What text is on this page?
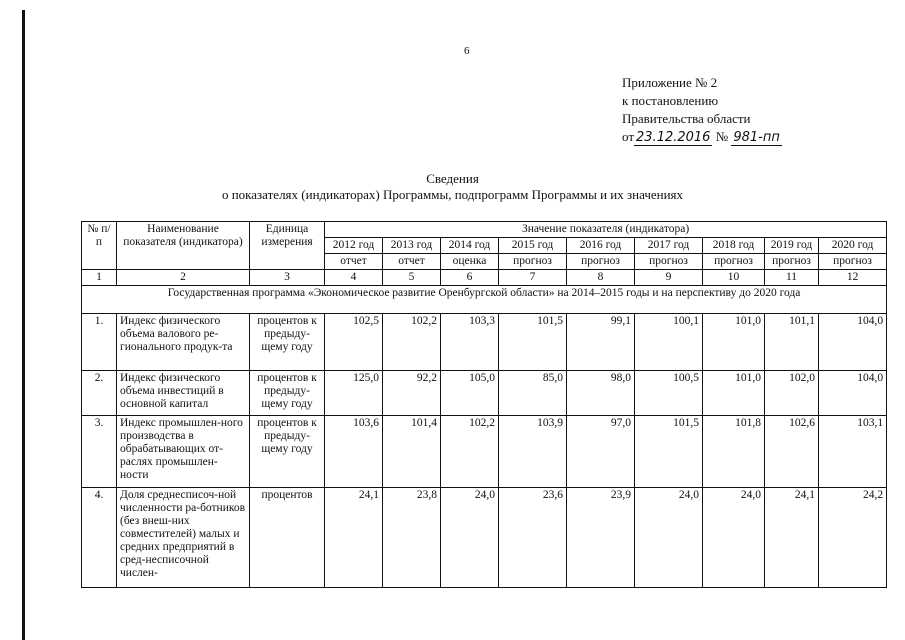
6
Приложение № 2
к постановлению
Правительства области
от 23.12.2016 № 981-пп
Сведения
о показателях (индикаторах) Программы, подпрограмм Программы и их значениях
№ п/п	Наименование показателя (индикатора)	Единица измерения	Значение показателя (индикатора)								
			2012 год	2013 год	2014 год	2015 год	2016 год	2017 год	2018 год	2019 год	2020 год
			отчет	отчет	оценка	прогноз	прогноз	прогноз	прогноз	прогноз	прогноз
1	2	3	4	5	6	7	8	9	10	11	12
Государственная программа «Экономическое развитие Оренбургской области» на 2014–2015 годы и на перспективу до 2020 года											
1.	Индекс физического объема валового ре-гионального продук-та	процентов к предыду-щему году	102,5	102,2	103,3	101,5	99,1	100,1	101,0	101,1	104,0
2.	Индекс физического объема инвестиций в основной капитал	процентов к предыду-щему году	125,0	92,2	105,0	85,0	98,0	100,5	101,0	102,0	104,0
3.	Индекс промышлен-ного производства в обрабатывающих от-раслях промышлен-ности	процентов к предыду-щему году	103,6	101,4	102,2	103,9	97,0	101,5	101,8	102,6	103,1
4.	Доля среднесписоч-ной численности ра-ботников (без внеш-них совместителей) малых и средних предприятий в сред-несписочной числен-	процентов	24,1	23,8	24,0	23,6	23,9	24,0	24,0	24,1	24,2
